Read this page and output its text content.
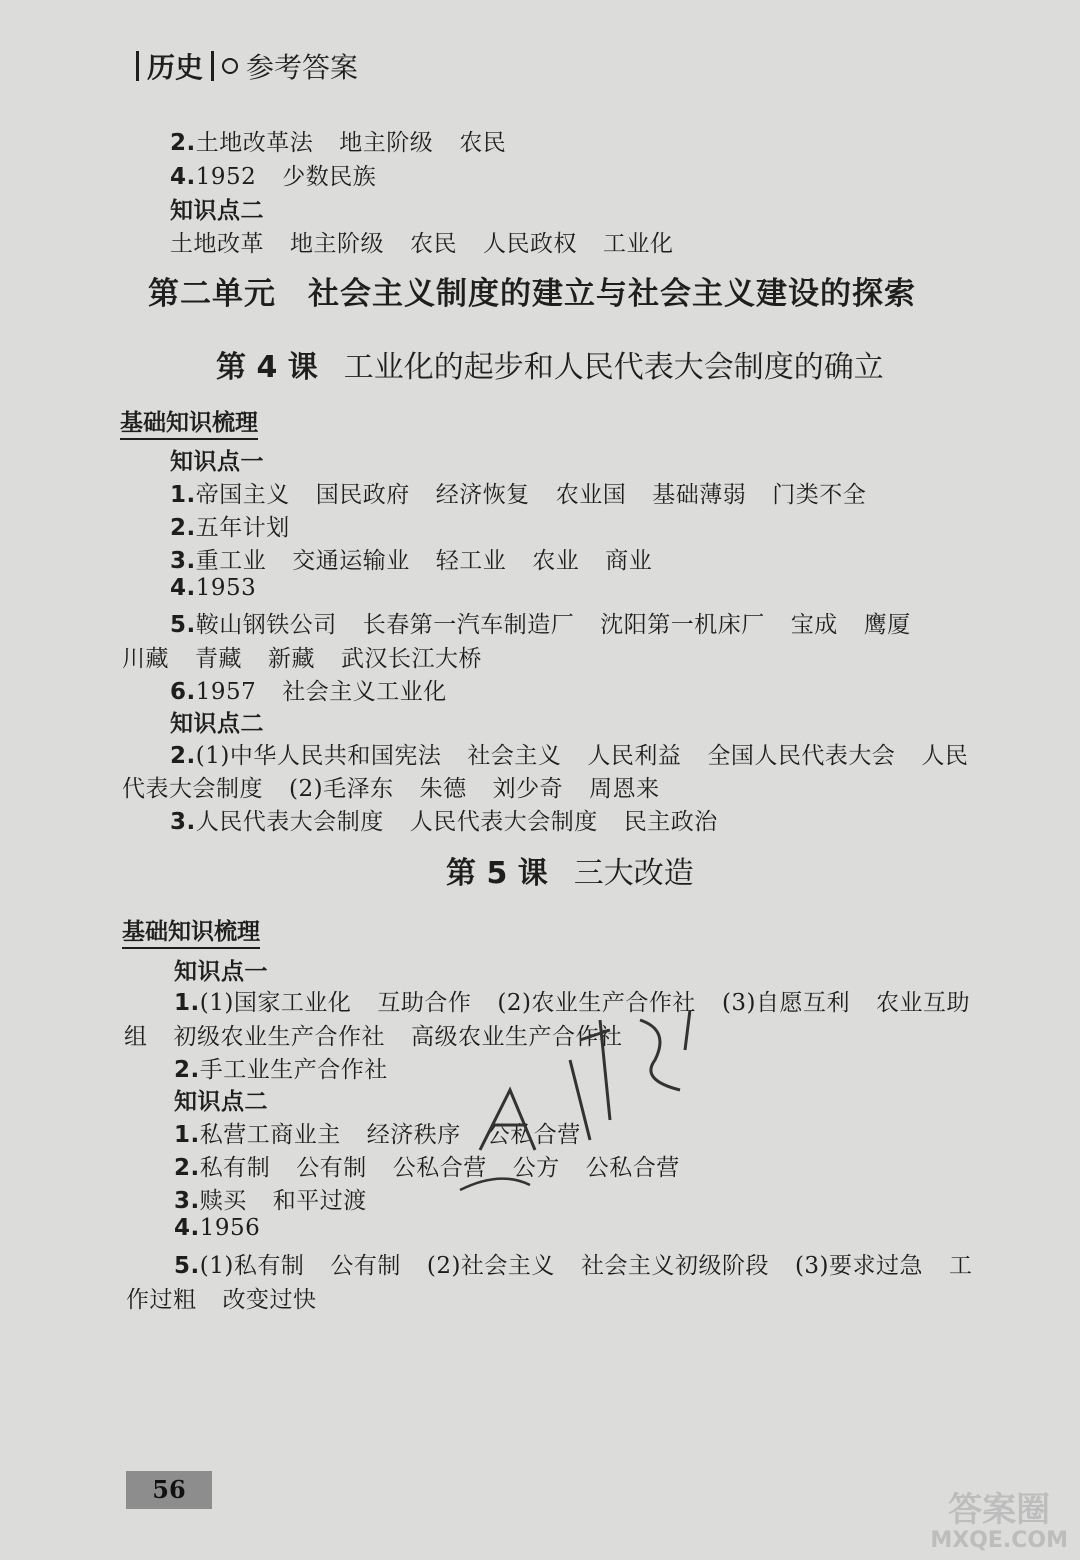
历史 参考答案
2.土地改革法 地主阶级 农民
4.1952 少数民族
知识点二
土地改革 地主阶级 农民 人民政权 工业化
第二单元　社会主义制度的建立与社会主义建设的探索
第 4 课 工业化的起步和人民代表大会制度的确立
基础知识梳理
知识点一
1.帝国主义 国民政府 经济恢复 农业国 基础薄弱 门类不全
2.五年计划
3.重工业 交通运输业 轻工业 农业 商业
4.1953
5.鞍山钢铁公司 长春第一汽车制造厂 沈阳第一机床厂 宝成 鹰厦
川藏 青藏 新藏 武汉长江大桥
6.1957 社会主义工业化
知识点二
2.(1)中华人民共和国宪法 社会主义 人民利益 全国人民代表大会 人民
代表大会制度 (2)毛泽东 朱德 刘少奇 周恩来
3.人民代表大会制度 人民代表大会制度 民主政治
第 5 课 三大改造
基础知识梳理
知识点一
1.(1)国家工业化 互助合作 (2)农业生产合作社 (3)自愿互利 农业互助
组 初级农业生产合作社 高级农业生产合作社
2.手工业生产合作社
知识点二
1.私营工商业主 经济秩序 公私合营
2.私有制 公有制 公私合营 公方 公私合营
3.赎买 和平过渡
4.1956
5.(1)私有制 公有制 (2)社会主义 社会主义初级阶段 (3)要求过急 工
作过粗 改变过快
56
答案圈
MXQE.COM
